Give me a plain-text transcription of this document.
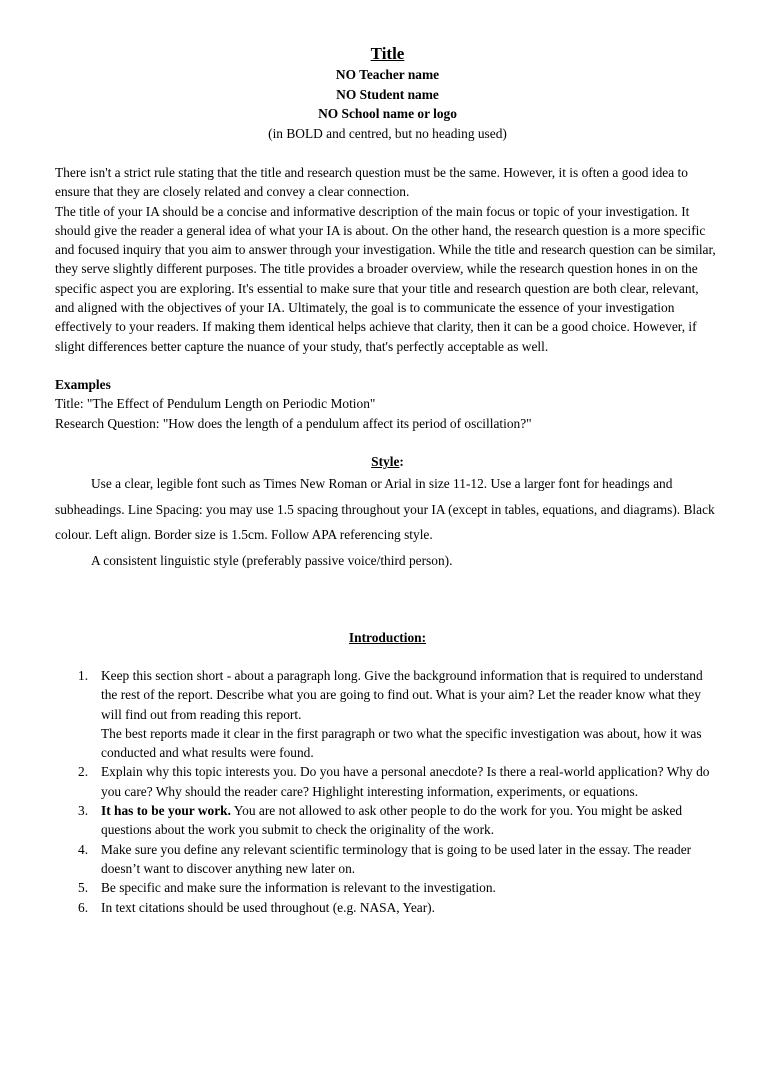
Title
NO Teacher name
NO Student name
NO School name or logo
(in BOLD and centred, but no heading used)

There isn't a strict rule stating that the title and research question must be the same. However, it is often a good idea to ensure that they are closely related and convey a clear connection.

The title of your IA should be a concise and informative description of the main focus or topic of your investigation. It should give the reader a general idea of what your IA is about. On the other hand, the research question is a more specific and focused inquiry that you aim to answer through your investigation. While the title and research question can be similar, they serve slightly different purposes. The title provides a broader overview, while the research question hones in on the specific aspect you are exploring. It's essential to make sure that your title and research question are both clear, relevant, and aligned with the objectives of your IA. Ultimately, the goal is to communicate the essence of your investigation effectively to your readers. If making them identical helps achieve that clarity, then it can be a good choice. However, if slight differences better capture the nuance of your study, that's perfectly acceptable as well.

Examples
Title: "The Effect of Pendulum Length on Periodic Motion"
Research Question: "How does the length of a pendulum affect its period of oscillation?"
Style:
Use a clear, legible font such as Times New Roman or Arial in size 11-12. Use a larger font for headings and subheadings. Line Spacing: you may use 1.5 spacing throughout your IA (except in tables, equations, and diagrams). Black colour. Left align. Border size is 1.5cm. Follow APA referencing style.
A consistent linguistic style (preferably passive voice/third person).
Introduction:
1. Keep this section short - about a paragraph long. Give the background information that is required to understand the rest of the report. Describe what you are going to find out. What is your aim? Let the reader know what they will find out from reading this report.
The best reports made it clear in the first paragraph or two what the specific investigation was about, how it was conducted and what results were found.
2. Explain why this topic interests you. Do you have a personal anecdote? Is there a real-world application? Why do you care? Why should the reader care? Highlight interesting information, experiments, or equations.
3. It has to be your work. You are not allowed to ask other people to do the work for you. You might be asked questions about the work you submit to check the originality of the work.
4. Make sure you define any relevant scientific terminology that is going to be used later in the essay. The reader doesn’t want to discover anything new later on.
5. Be specific and make sure the information is relevant to the investigation.
6. In text citations should be used throughout (e.g. NASA, Year).
